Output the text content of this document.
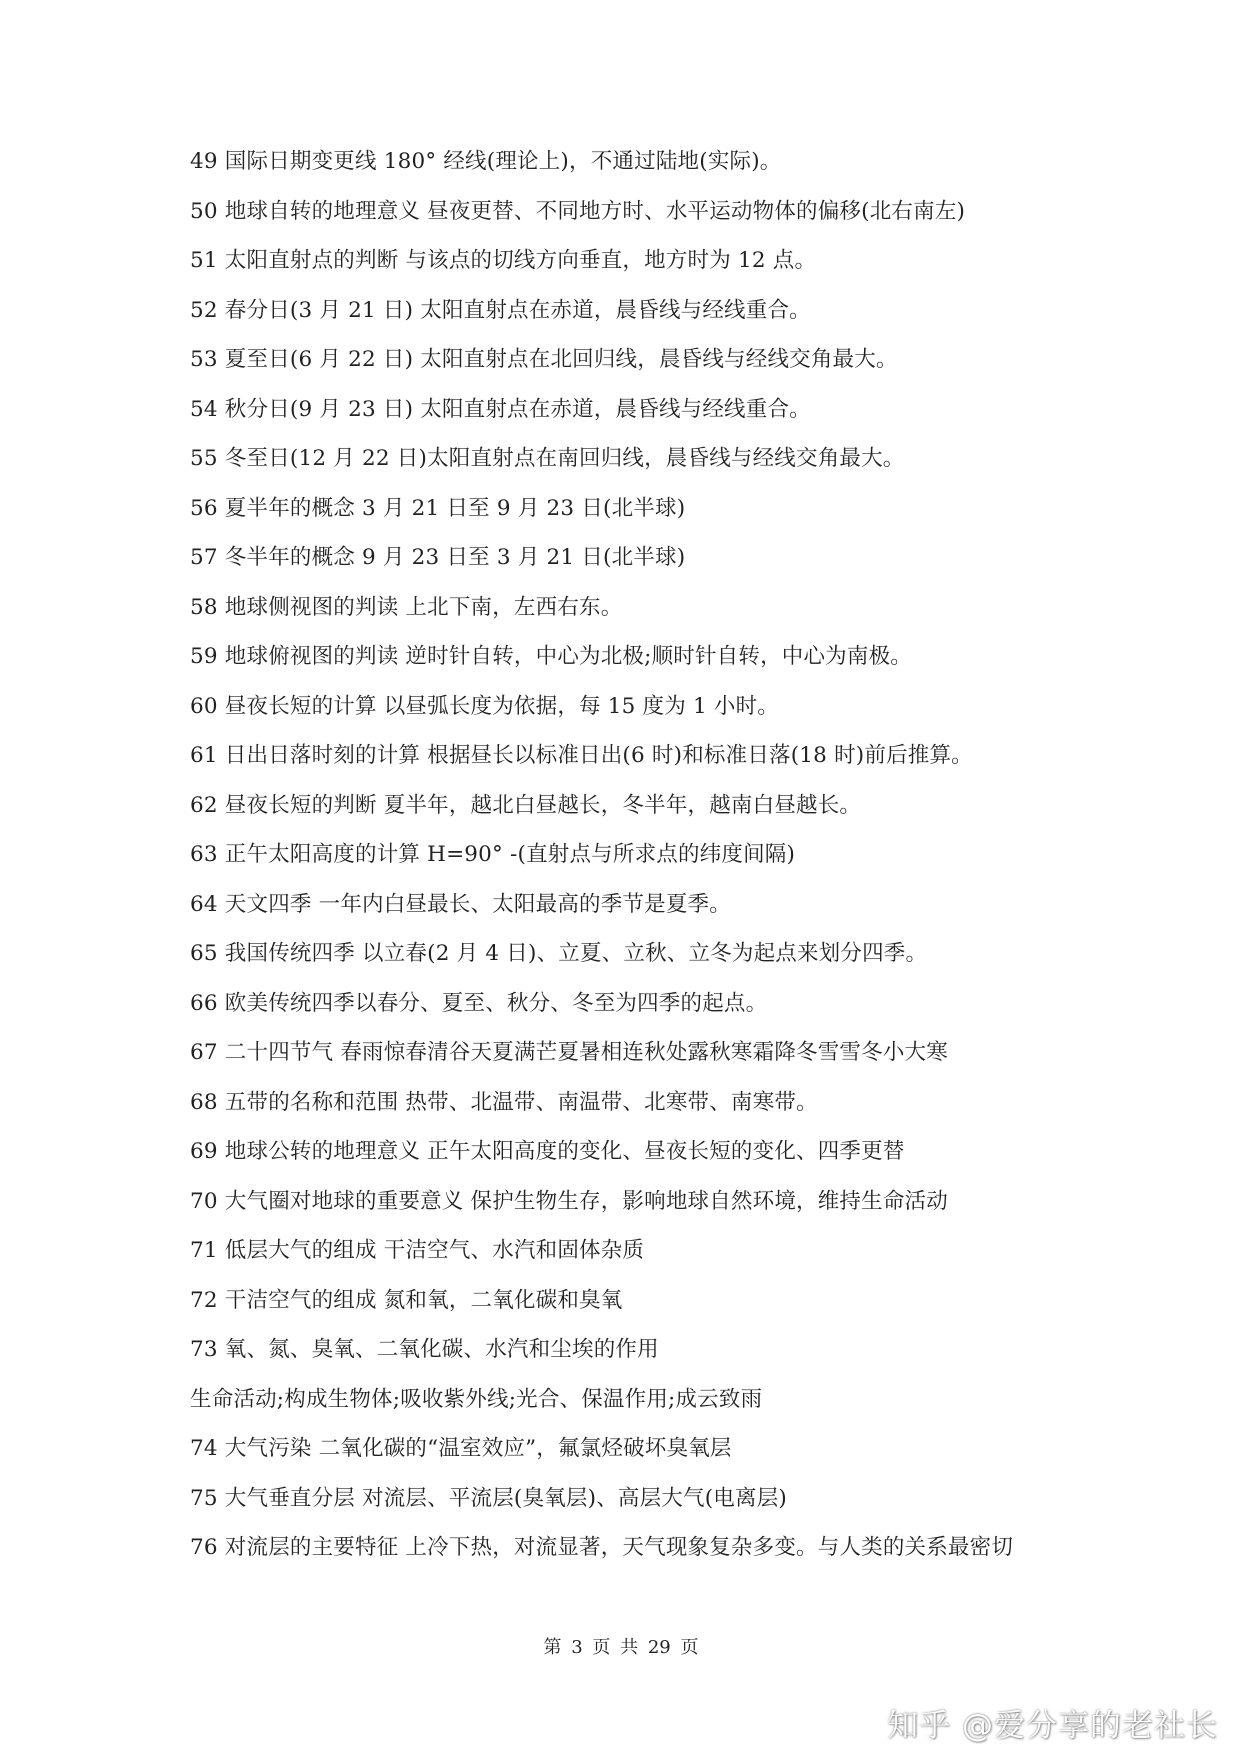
49 国际日期变更线 180° 经线(理论上)，不通过陆地(实际)。
50 地球自转的地理意义 昼夜更替、不同地方时、水平运动物体的偏移(北右南左)
51 太阳直射点的判断 与该点的切线方向垂直，地方时为 12 点。
52 春分日(3 月 21 日) 太阳直射点在赤道，晨昏线与经线重合。
53 夏至日(6 月 22 日) 太阳直射点在北回归线，晨昏线与经线交角最大。
54 秋分日(9 月 23 日) 太阳直射点在赤道，晨昏线与经线重合。
55 冬至日(12 月 22 日)太阳直射点在南回归线，晨昏线与经线交角最大。
56 夏半年的概念 3 月 21 日至 9 月 23 日(北半球)
57 冬半年的概念 9 月 23 日至 3 月 21 日(北半球)
58 地球侧视图的判读 上北下南，左西右东。
59 地球俯视图的判读 逆时针自转，中心为北极;顺时针自转，中心为南极。
60 昼夜长短的计算 以昼弧长度为依据，每 15 度为 1 小时。
61 日出日落时刻的计算 根据昼长以标准日出(6 时)和标准日落(18 时)前后推算。
62 昼夜长短的判断 夏半年，越北白昼越长，冬半年，越南白昼越长。
63 正午太阳高度的计算 H=90° -(直射点与所求点的纬度间隔)
64 天文四季 一年内白昼最长、太阳最高的季节是夏季。
65 我国传统四季 以立春(2 月 4 日)、立夏、立秋、立冬为起点来划分四季。
66 欧美传统四季以春分、夏至、秋分、冬至为四季的起点。
67 二十四节气 春雨惊春清谷天夏满芒夏暑相连秋处露秋寒霜降冬雪雪冬小大寒
68 五带的名称和范围 热带、北温带、南温带、北寒带、南寒带。
69 地球公转的地理意义 正午太阳高度的变化、昼夜长短的变化、四季更替
70 大气圈对地球的重要意义 保护生物生存，影响地球自然环境，维持生命活动
71 低层大气的组成 干洁空气、水汽和固体杂质
72 干洁空气的组成 氮和氧，二氧化碳和臭氧
73 氧、氮、臭氧、二氧化碳、水汽和尘埃的作用
生命活动;构成生物体;吸收紫外线;光合、保温作用;成云致雨
74 大气污染 二氧化碳的“温室效应”，氟氯烃破坏臭氧层
75 大气垂直分层 对流层、平流层(臭氧层)、高层大气(电离层)
76 对流层的主要特征 上冷下热，对流显著，天气现象复杂多变。与人类的关系最密切
第 3 页 共 29 页
知乎 @爱分享的老社长
